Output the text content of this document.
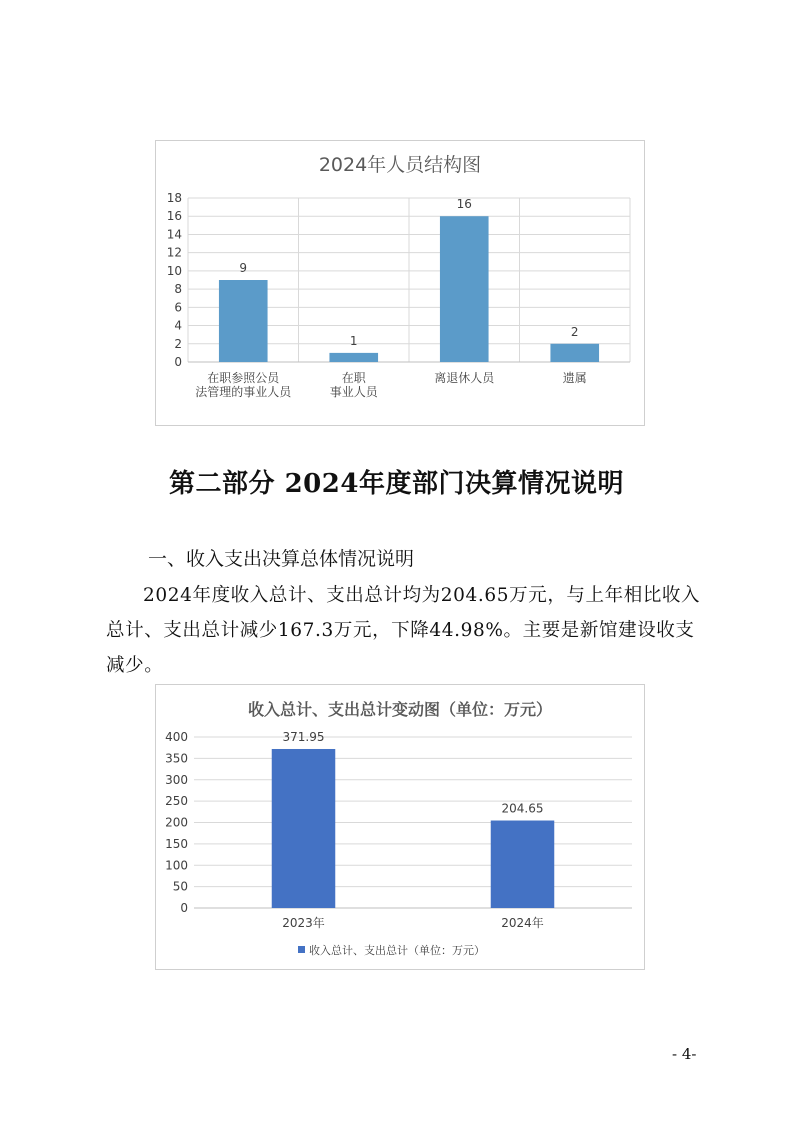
2024年人员结构图
0
2
4
6
8
10
12
14
16
18
9
在职参照公员
法管理的事业人员
1
在职
事业人员
16
离退休人员
2
遗属
第二部分 2024年度部门决算情况说明
一、收入支出决算总体情况说明

2024年度收入总计、支出总计均为204.65万元，与上年相比收入总计、支出总计减少167.3万元，下降44.98%。主要是新馆建设收支减少。

收入总计、支出总计变动图（单位：万元）
0
50
100
150
200
250
300
350
400	371.95
2023年
204.65
2024年
收入总计、支出总计（单位：万元）
- 4-
